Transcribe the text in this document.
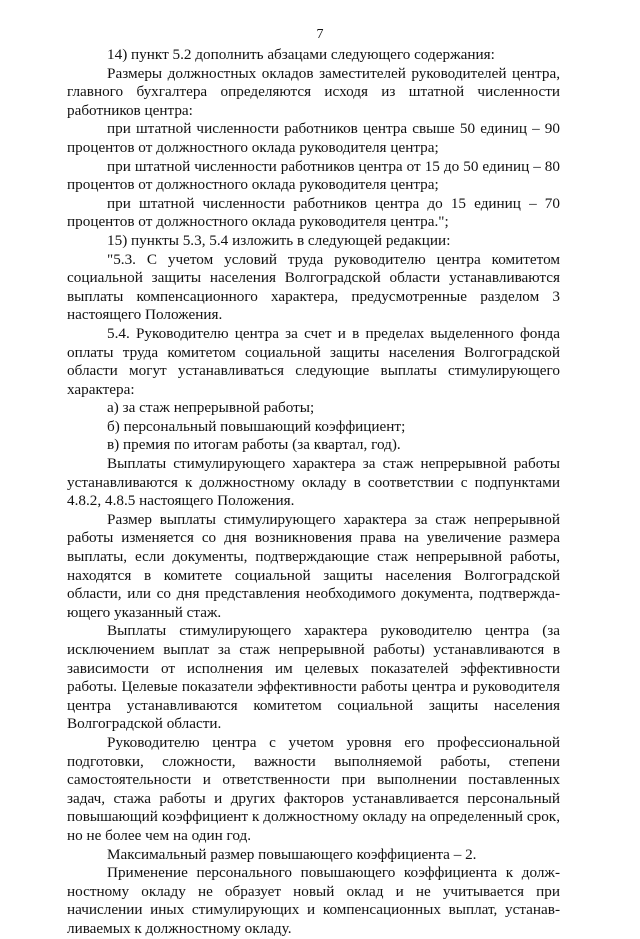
7

14) пункт 5.2 дополнить абзацами следующего содержания:

Размеры должностных окладов заместителей руководителей центра, главного бухгалтера определяются исходя из штатной численности работников центра:

при штатной численности работников центра свыше 50 единиц – 90 процентов от должностного оклада руководителя центра;

при штатной численности работников центра от 15 до 50 единиц – 80 процентов от должностного оклада руководителя центра;

при штатной численности работников центра до 15 единиц – 70 процентов от должностного оклада руководителя центра.";

15) пункты 5.3, 5.4 изложить в следующей редакции:

"5.3. С учетом условий труда руководителю центра комитетом социальной защиты населения Волгоградской области устанавливаются выплаты компенсационного характера, предусмотренные разделом 3 настоящего Положения.

5.4. Руководителю центра за счет и в пределах выделенного фонда оплаты труда комитетом социальной защиты населения Волгоградской области могут устанавливаться следующие выплаты стимулирующего характера:

а) за стаж непрерывной работы;

б) персональный повышающий коэффициент;

в) премия по итогам работы (за квартал, год).

Выплаты стимулирующего характера за стаж непрерывной работы устанавливаются к должностному окладу в соответствии с подпунктами 4.8.2, 4.8.5 настоящего Положения.

Размер выплаты стимулирующего характера за стаж непрерывной работы изменяется со дня возникновения права на увеличение размера выплаты, если документы, подтверждающие стаж непрерывной работы, находятся в комитете социальной защиты населения Волгоградской области, или со дня представления необходимого документа, подтверждающего указанный стаж.

Выплаты стимулирующего характера руководителю центра (за исключением выплат за стаж непрерывной работы) устанавливаются в зависимости от исполнения им целевых показателей эффективности работы. Целевые показатели эффективности работы центра и руководителя центра устанавливаются комитетом социальной защиты населения Волгоградской области.

Руководителю центра с учетом уровня его профессиональной подготовки, сложности, важности выполняемой работы, степени самостоятельности и ответственности при выполнении поставленных задач, стажа работы и других факторов устанавливается персональный повышающий коэффициент к должностному окладу на определенный срок, но не более чем на один год.

Максимальный размер повышающего коэффициента – 2.

Применение персонального повышающего коэффициента к должностному окладу не образует новый оклад и не учитывается при начислении иных стимулирующих и компенсационных выплат, устанавливаемых к должностному окладу.
